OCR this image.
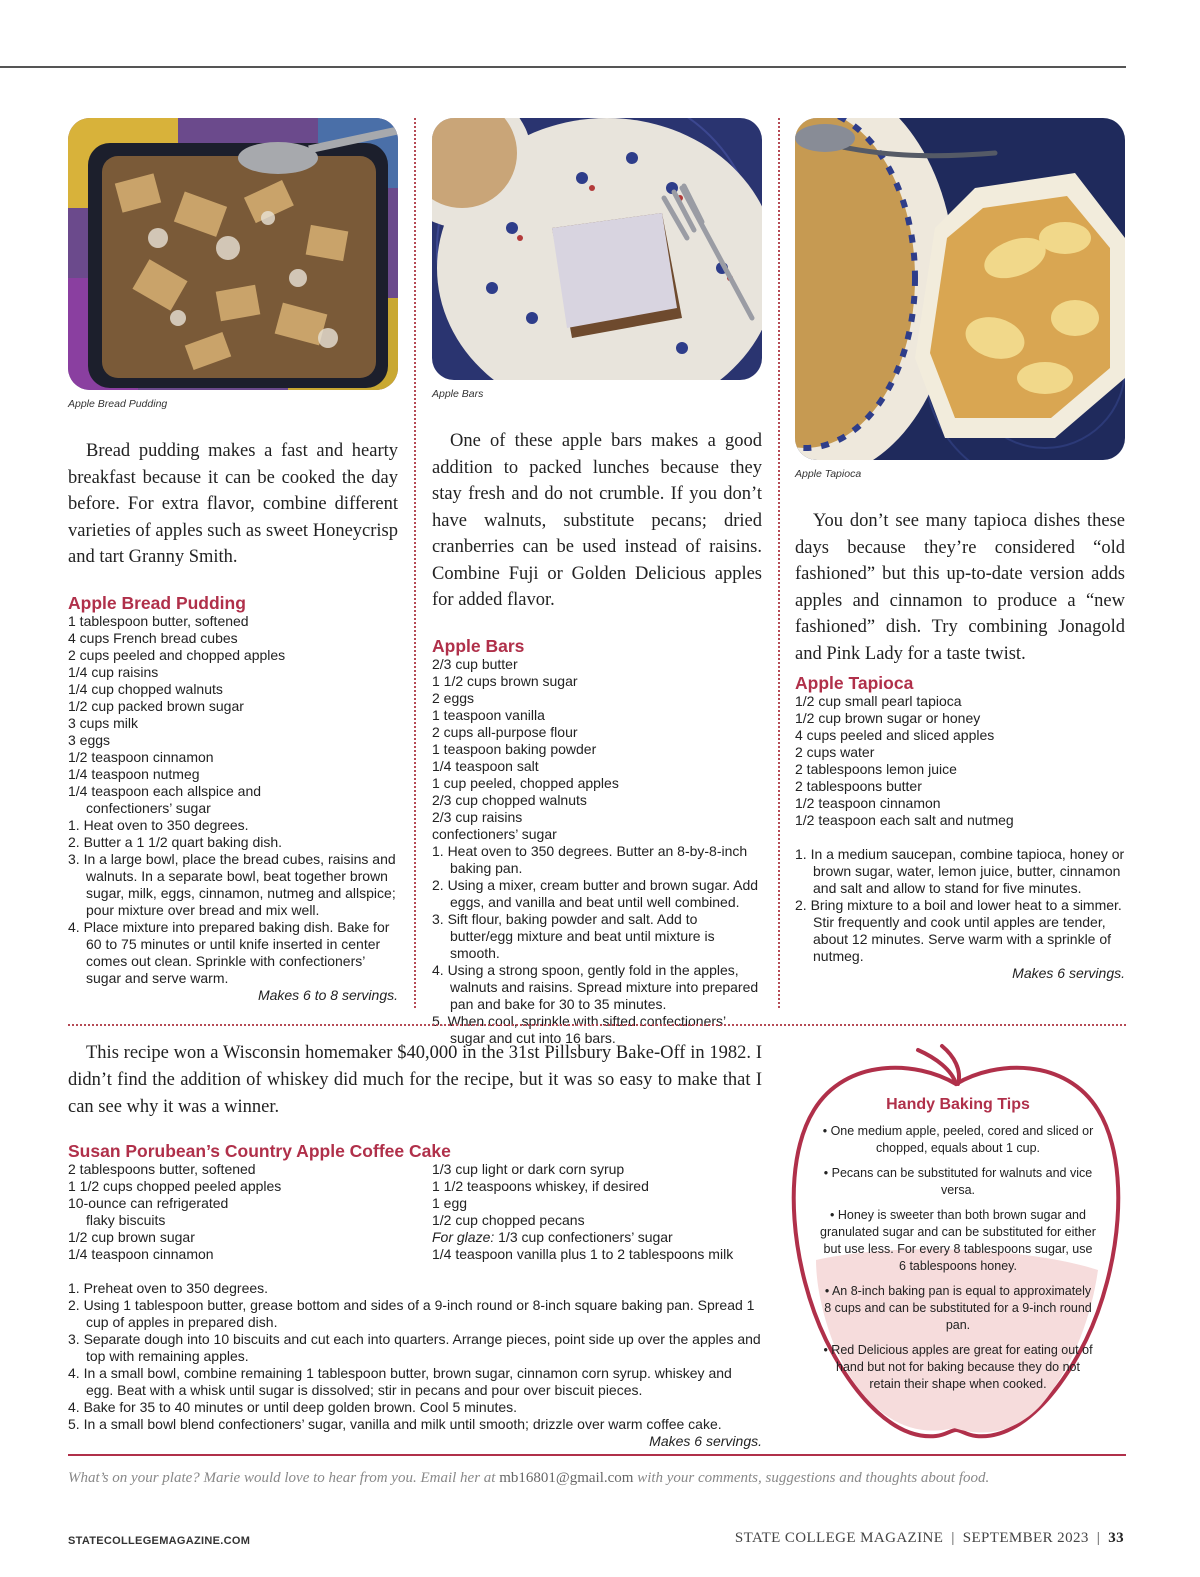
Apple Bread Pudding

Bread pudding makes a fast and hearty breakfast because it can be cooked the day before. For extra flavor, combine different varieties of apples such as sweet Honeycrisp and tart Granny Smith.

Apple Bread Pudding
1 tablespoon butter, softened
4 cups French bread cubes
2 cups peeled and chopped apples
1/4 cup raisins
1/4 cup chopped walnuts
1/2 cup packed brown sugar
3 cups milk
3 eggs
1/2 teaspoon cinnamon
1/4 teaspoon nutmeg
1/4 teaspoon each allspice and
confectioners’ sugar
1. Heat oven to 350 degrees.
2. Butter a 1 1/2 quart baking dish.
3. In a large bowl, place the bread cubes, raisins and walnuts. In a separate bowl, beat together brown sugar, milk, eggs, cinnamon, nutmeg and allspice; pour mixture over bread and mix well.
4. Place mixture into prepared baking dish. Bake for 60 to 75 minutes or until knife inserted in center comes out clean. Sprinkle with confectioners’ sugar and serve warm.
Makes 6 to 8 servings.
Apple Bars

One of these apple bars makes a good addition to packed lunches because they stay fresh and do not crumble. If you don’t have walnuts, substitute pecans; dried cranberries can be used instead of raisins. Combine Fuji or Golden Delicious apples for added flavor.

Apple Bars
2/3 cup butter
1 1/2 cups brown sugar
2 eggs
1 teaspoon vanilla
2 cups all-purpose flour
1 teaspoon baking powder
1/4 teaspoon salt
1 cup peeled, chopped apples
2/3 cup chopped walnuts
2/3 cup raisins
confectioners’ sugar
1. Heat oven to 350 degrees. Butter an 8-by-8-inch baking pan.
2. Using a mixer, cream butter and brown sugar. Add eggs, and vanilla and beat until well combined.
3. Sift flour, baking powder and salt. Add to butter/egg mixture and beat until mixture is smooth.
4. Using a strong spoon, gently fold in the apples, walnuts and raisins. Spread mixture into prepared pan and bake for 30 to 35 minutes.
5. When cool, sprinkle with sifted confectioners’ sugar and cut into 16 bars.
Apple Tapioca

You don’t see many tapioca dishes these days because they’re considered “old fashioned” but this up-to-date version adds apples and cinnamon to produce a “new fashioned” dish. Try combining Jonagold and Pink Lady for a taste twist.

Apple Tapioca
1/2 cup small pearl tapioca
1/2 cup brown sugar or honey
4 cups peeled and sliced apples
2 cups water
2 tablespoons lemon juice
2 tablespoons butter
1/2 teaspoon cinnamon
1/2 teaspoon each salt and nutmeg
1. In a medium saucepan, combine tapioca, honey or brown sugar, water, lemon juice, butter, cinnamon and salt and allow to stand for five minutes.
2. Bring mixture to a boil and lower heat to a simmer. Stir frequently and cook until apples are tender, about 12 minutes. Serve warm with a sprinkle of nutmeg.
Makes 6 servings.

This recipe won a Wisconsin homemaker $40,000 in the 31st Pillsbury Bake-Off in 1982. I didn’t find the addition of whiskey did much for the recipe, but it was so easy to make that I can see why it was a winner.

Susan Porubean’s Country Apple Coffee Cake
2 tablespoons butter, softened
1 1/2 cups chopped peeled apples
10-ounce can refrigerated
flaky biscuits
1/2 cup brown sugar
1/4 teaspoon cinnamon
1/3 cup light or dark corn syrup
1 1/2 teaspoons whiskey, if desired
1 egg
1/2 cup chopped pecans
For glaze: 1/3 cup confectioners’ sugar
1/4 teaspoon vanilla plus 1 to 2 tablespoons milk
1. Preheat oven to 350 degrees.
2. Using 1 tablespoon butter, grease bottom and sides of a 9-inch round or 8-inch square baking pan. Spread 1 cup of apples in prepared dish.
3. Separate dough into 10 biscuits and cut each into quarters. Arrange pieces, point side up over the apples and top with remaining apples.
4. In a small bowl, combine remaining 1 tablespoon butter, brown sugar, cinnamon corn syrup. whiskey and egg. Beat with a whisk until sugar is dissolved; stir in pecans and pour over biscuit pieces.
4. Bake for 35 to 40 minutes or until deep golden brown. Cool 5 minutes.
5. In a small bowl blend confectioners’ sugar, vanilla and milk until smooth; drizzle over warm coffee cake.
Makes 6 servings.
Handy Baking Tips
• One medium apple, peeled, cored and sliced or chopped, equals about 1 cup.
• Pecans can be substituted for walnuts and vice versa.
• Honey is sweeter than both brown sugar and granulated sugar and can be substituted for either but use less. For every 8 tablespoons sugar, use 6 tablespoons honey.
• An 8-inch baking pan is equal to approximately 8 cups and can be substituted for a 9-inch round pan.
• Red Delicious apples are great for eating out of hand but not for baking because they do not retain their shape when cooked.
What’s on your plate? Marie would love to hear from you. Email her at mb16801@gmail.com with your comments, suggestions and thoughts about food.
STATECOLLEGEMAGAZINE.COM	STATE COLLEGE MAGAZINE | SEPTEMBER 2023 | 33
